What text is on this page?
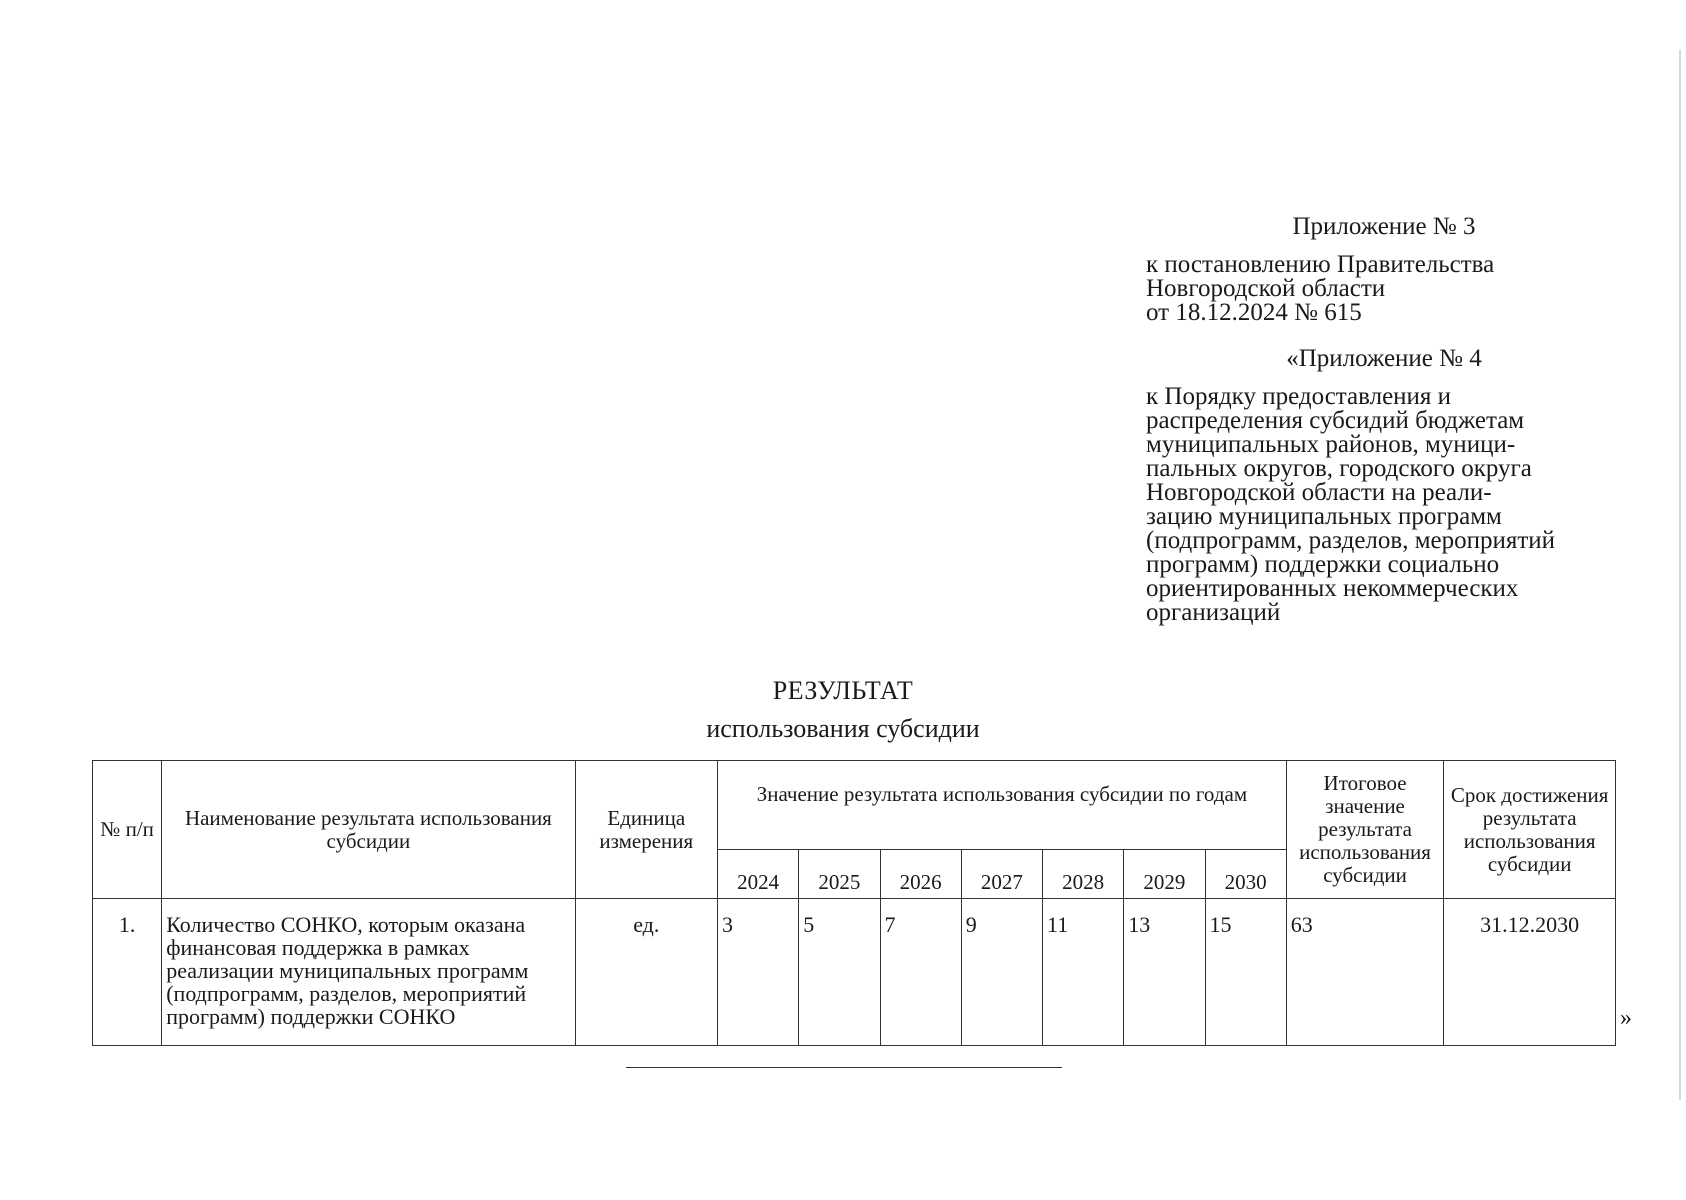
Приложение № 3
к постановлению Правительства
Новгородской области
от 18.12.2024 № 615
«Приложение № 4
к Порядку предоставления и
распределения субсидий бюджетам
муниципальных районов, муници-
пальных округов, городского округа
Новгородской области на реали-
зацию муниципальных программ
(подпрограмм, разделов, мероприятий
программ) поддержки социально
ориентированных некоммерческих
организаций
РЕЗУЛЬТАТ
использования субсидии
№ п/п	Наименование результата использования субсидии	Единица измерения	Значение результата использования субсидии по годам							Итоговое значение результата использования субсидии	Срок достижения результата использования субсидии
			2024	2025	2026	2027	2028	2029	2030		
1.	Количество СОНКО, которым оказана финансовая поддержка в рамках реализации муниципальных программ (подпрограмм, разделов, мероприятий программ) поддержки СОНКО	ед.	3	5	7	9	11	13	15	63	31.12.2030
»
